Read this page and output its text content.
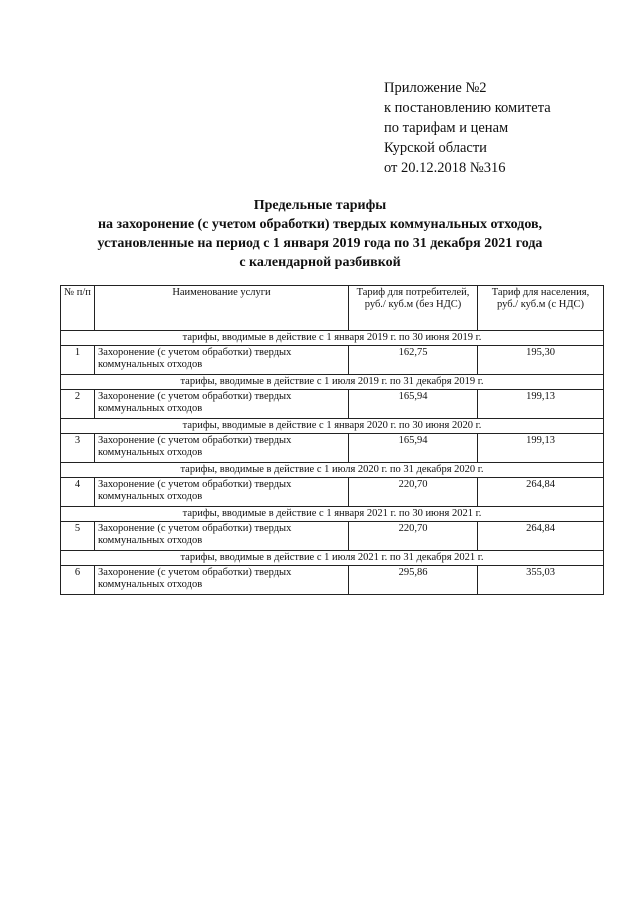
Приложение №2
к постановлению комитета
по тарифам и ценам
Курской области
от 20.12.2018 №316
Предельные тарифы
на захоронение (с учетом обработки) твердых коммунальных отходов,
установленные на период с 1 января 2019 года по 31 декабря 2021 года
с календарной разбивкой
№ п/п	Наименование услуги	Тариф для потребителей, руб./ куб.м (без НДС)	Тариф для населения, руб./ куб.м (с НДС)
тарифы, вводимые в действие с 1 января 2019 г. по 30 июня 2019 г.			
1	Захоронение (с учетом обработки) твердых коммунальных отходов	162,75	195,30
тарифы, вводимые в действие с 1 июля 2019 г. по 31 декабря 2019 г.			
2	Захоронение (с учетом обработки) твердых коммунальных отходов	165,94	199,13
тарифы, вводимые в действие с 1 января 2020 г. по 30 июня 2020 г.			
3	Захоронение (с учетом обработки) твердых коммунальных отходов	165,94	199,13
тарифы, вводимые в действие с 1 июля 2020 г. по 31 декабря 2020 г.			
4	Захоронение (с учетом обработки) твердых коммунальных отходов	220,70	264,84
тарифы, вводимые в действие с 1 января 2021 г. по 30 июня 2021 г.			
5	Захоронение (с учетом обработки) твердых коммунальных отходов	220,70	264,84
тарифы, вводимые в действие с 1 июля 2021 г. по 31 декабря 2021 г.			
6	Захоронение (с учетом обработки) твердых коммунальных отходов	295,86	355,03
